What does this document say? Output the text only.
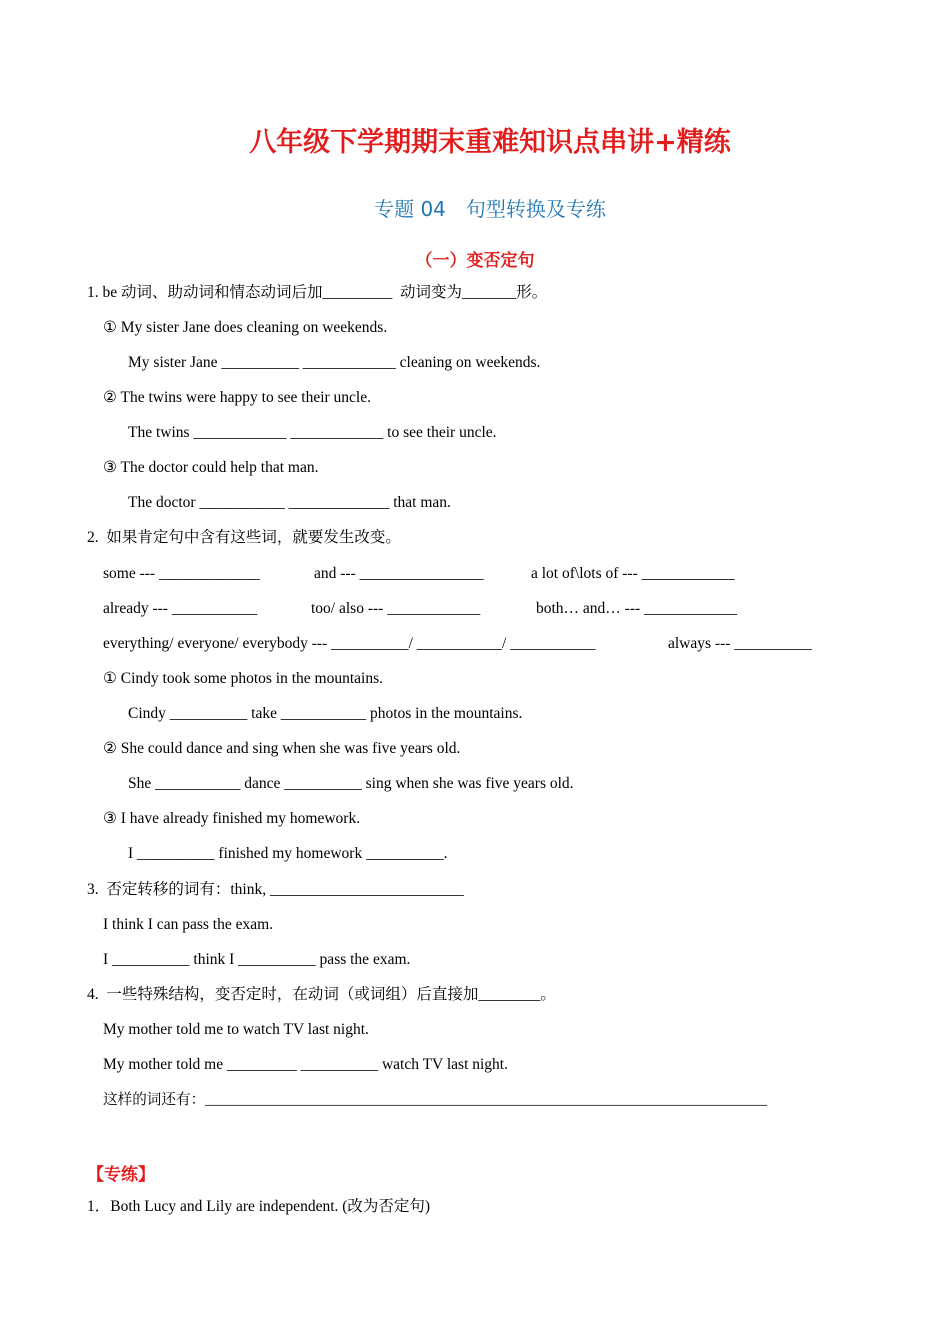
八年级下学期期末重难知识点串讲+精练
专题 04　句型转换及专练
（一）变否定句
1. be 动词、助动词和情态动词后加_________  动词变为_______形。
① My sister Jane does cleaning on weekends.
My sister Jane __________ ____________ cleaning on weekends.
② The twins were happy to see their uncle.
The twins ____________ ____________ to see their uncle.
③ The doctor could help that man.
The doctor ___________ _____________ that man.
2.  如果肯定句中含有这些词，就要发生改变。
some --- _____________	and --- ________________	a lot of\lots of --- ____________
already --- ___________	too/ also --- ____________	both… and… --- ____________
everything/ everyone/ everybody --- __________/ ___________/ ___________	always --- __________
① Cindy took some photos in the mountains.
Cindy __________ take ___________ photos in the mountains.
② She could dance and sing when she was five years old.
She ___________ dance __________ sing when she was five years old.
③ I have already finished my homework.
I __________ finished my homework __________.
3.  否定转移的词有：think, _________________________
I think I can pass the exam.
I __________ think I __________ pass the exam.
4.  一些特殊结构，变否定时，在动词（或词组）后直接加________。
My mother told me to watch TV last night.
My mother told me _________ __________ watch TV last night.
这样的词还有：_____________________________________________________________________________
【专练】
1．Both Lucy and Lily are independent. (改为否定句)
